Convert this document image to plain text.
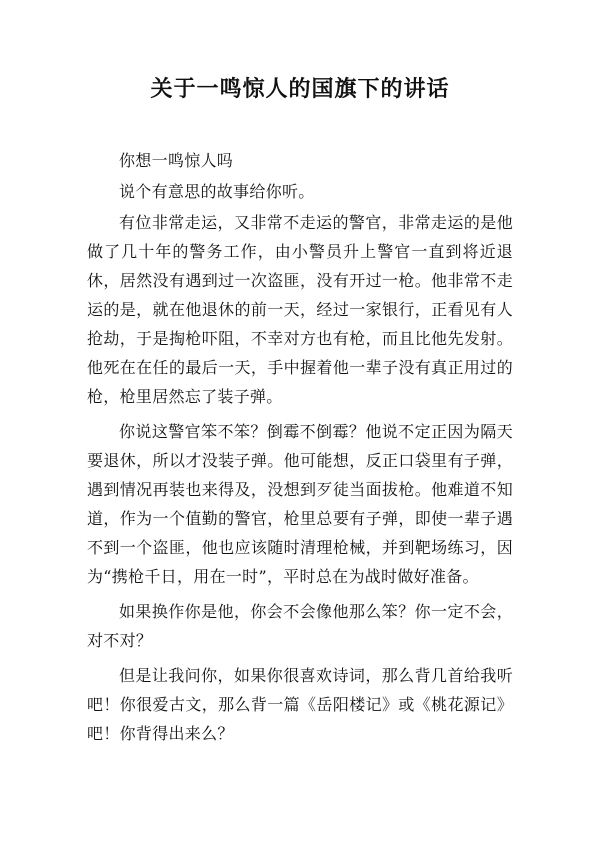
关于一鸣惊人的国旗下的讲话

你想一鸣惊人吗

说个有意思的故事给你听。

有位非常走运，又非常不走运的警官，非常走运的是他做了几十年的警务工作，由小警员升上警官一直到将近退休，居然没有遇到过一次盗匪，没有开过一枪。他非常不走运的是，就在他退休的前一天，经过一家银行，正看见有人抢劫，于是掏枪吓阻，不幸对方也有枪，而且比他先发射。他死在在任的最后一天，手中握着他一辈子没有真正用过的枪，枪里居然忘了装子弹。

你说这警官笨不笨？倒霉不倒霉？他说不定正因为隔天要退休，所以才没装子弹。他可能想，反正口袋里有子弹，遇到情况再装也来得及，没想到歹徒当面拔枪。他难道不知道，作为一个值勤的警官，枪里总要有子弹，即使一辈子遇不到一个盗匪，他也应该随时清理枪械，并到靶场练习，因为“携枪千日，用在一时”，平时总在为战时做好准备。

如果换作你是他，你会不会像他那么笨？你一定不会，对不对？

但是让我问你，如果你很喜欢诗词，那么背几首给我听吧！你很爱古文，那么背一篇《岳阳楼记》或《桃花源记》吧！你背得出来么？
